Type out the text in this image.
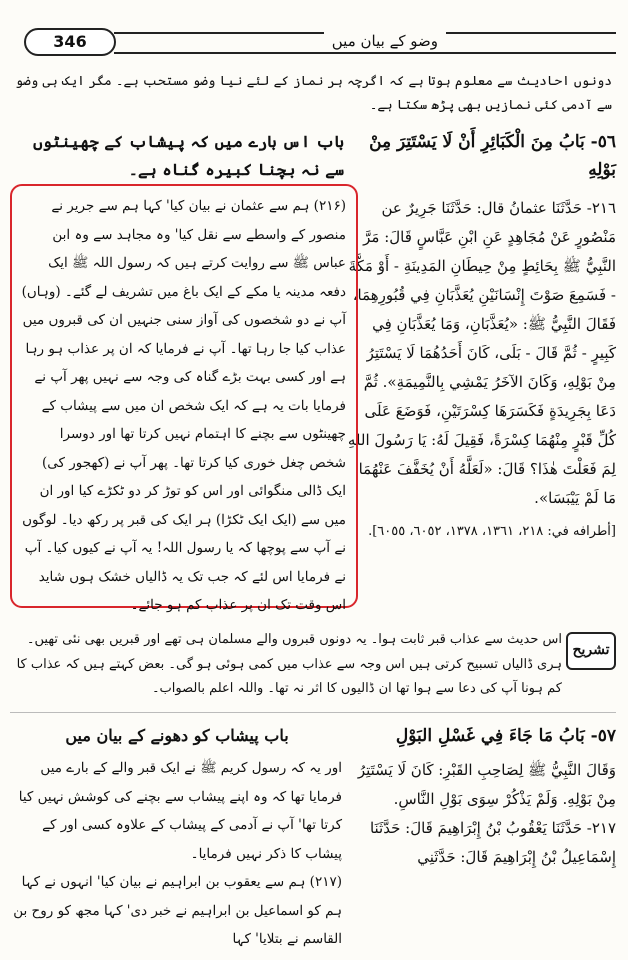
346	وضو کے بیان میں
دونوں احادیث سے معلوم ہوتا ہے کہ اگرچہ ہر نماز کے لئے نیا وضو مستحب ہے۔ مگر ایک ہی وضو سے آدمی کئی نمازیں بھی پڑھ سکتا ہے۔
٥٦- بَابُ مِنَ الْكَبَائِرِ أَنْ لَا يَسْتَتِرَ مِنْ بَوْلِهِ
٢١٦- حَدَّثَنَا عثمانُ قال: حَدَّثَنَا جَرِيرٌ عن مَنْصُورٍ عَنْ مُجَاهِدٍ عَنِ ابْنِ عَبَّاسٍ قَالَ: مَرَّ النَّبِيُّ ﷺ بِحَائِطٍ مِنْ حِيطَانِ المَدِينَةِ - أَوْ مَكَّةَ - فَسَمِعَ صَوْتَ إِنْسَانَيْنِ يُعَذَّبَانِ فِي قُبُورِهِمَا، فَقَالَ النَّبِيُّ ﷺ: «يُعَذَّبَانِ، وَمَا يُعَذَّبَانِ فِي كَبِيرٍ - ثُمَّ قَالَ - بَلَى، كَانَ أَحَدُهُمَا لَا يَسْتَتِرُ مِنْ بَوْلِهِ، وَكَانَ الآخَرُ يَمْشِي بِالنَّمِيمَةِ». ثُمَّ دَعَا بِجَرِيدَةٍ فَكَسَرَهَا كِسْرَتَيْنِ، فَوَضَعَ عَلَى كُلِّ قَبْرٍ مِنْهُمَا كِسْرَةً، فَقِيلَ لَهُ: يَا رَسُولَ اللهِ لِمَ فَعَلْتَ هٰذَا؟ قَالَ: «لَعَلَّهُ أَنْ يُخَفَّفَ عَنْهُمَا مَا لَمْ يَيْبَسَا».
[أطرافه في: ٢١٨، ١٣٦١، ١٣٧٨، ٦٠٥٢، ٦٠٥٥].
باب اس بارے میں کہ پیشاب کے چھینٹوں سے نہ بچنا کبیرہ گناہ ہے۔
(۲۱۶) ہم سے عثمان نے بیان کیا' کہا ہم سے جریر نے منصور کے واسطے سے نقل کیا' وہ مجاہد سے وہ ابن عباس ﷺ سے روایت کرتے ہیں کہ رسول اللہ ﷺ ایک دفعہ مدینہ یا مکے کے ایک باغ میں تشریف لے گئے۔ (وہاں) آپ نے دو شخصوں کی آواز سنی جنہیں ان کی قبروں میں عذاب کیا جا رہا تھا۔ آپ نے فرمایا کہ ان پر عذاب ہو رہا ہے اور کسی بہت بڑے گناہ کی وجہ سے نہیں پھر آپ نے فرمایا بات یہ ہے کہ ایک شخص ان میں سے پیشاب کے چھینٹوں سے بچنے کا اہتمام نہیں کرتا تھا اور دوسرا شخص چغل خوری کیا کرتا تھا۔ پھر آپ نے (کھجور کی) ایک ڈالی منگوائی اور اس کو توڑ کر دو ٹکڑے کیا اور ان میں سے (ایک ایک ٹکڑا) ہر ایک کی قبر پر رکھ دیا۔ لوگوں نے آپ سے پوچھا کہ یا رسول اللہ! یہ آپ نے کیوں کیا۔ آپ نے فرمایا اس لئے کہ جب تک یہ ڈالیاں خشک ہوں شاید اس وقت تک ان پر عذاب کم ہو جائے۔
تشریح
اس حدیث سے عذاب قبر ثابت ہوا۔ یہ دونوں قبروں والے مسلمان ہی تھے اور قبریں بھی نئی تھیں۔ ہری ڈالیاں تسبیح کرتی ہیں اس وجہ سے عذاب میں کمی ہوئی ہو گی۔ بعض کہتے ہیں کہ عذاب کا کم ہونا آپ کی دعا سے ہوا تھا ان ڈالیوں کا اثر نہ تھا۔ واللہ اعلم بالصواب۔
٥٧- بَابُ مَا جَاءَ فِي غَسْلِ البَوْلِ
وَقَالَ النَّبِيُّ ﷺ لِصَاحِبِ القَبْرِ: كَانَ لَا يَسْتَتِرُ مِنْ بَوْلِهِ. وَلَمْ يَذْكُرْ سِوَى بَوْلِ النَّاسِ.
٢١٧- حَدَّثَنَا يَعْقُوبُ بْنُ إِبْرَاهِيمَ قَالَ: حَدَّثَنَا إِسْمَاعِيلُ بْنُ إِبْرَاهِيمَ قَالَ: حَدَّثَنِي
باب پیشاب کو دھونے کے بیان میں
اور یہ کہ رسول کریم ﷺ نے ایک قبر والے کے بارے میں فرمایا تھا کہ وہ اپنے پیشاب سے بچنے کی کوشش نہیں کیا کرتا تھا' آپ نے آدمی کے پیشاب کے علاوہ کسی اور کے پیشاب کا ذکر نہیں فرمایا۔
(۲۱۷) ہم سے یعقوب بن ابراہیم نے بیان کیا' انہوں نے کہا ہم کو اسماعیل بن ابراہیم نے خبر دی' کہا مجھ کو روح بن القاسم نے بتلایا' کہا
